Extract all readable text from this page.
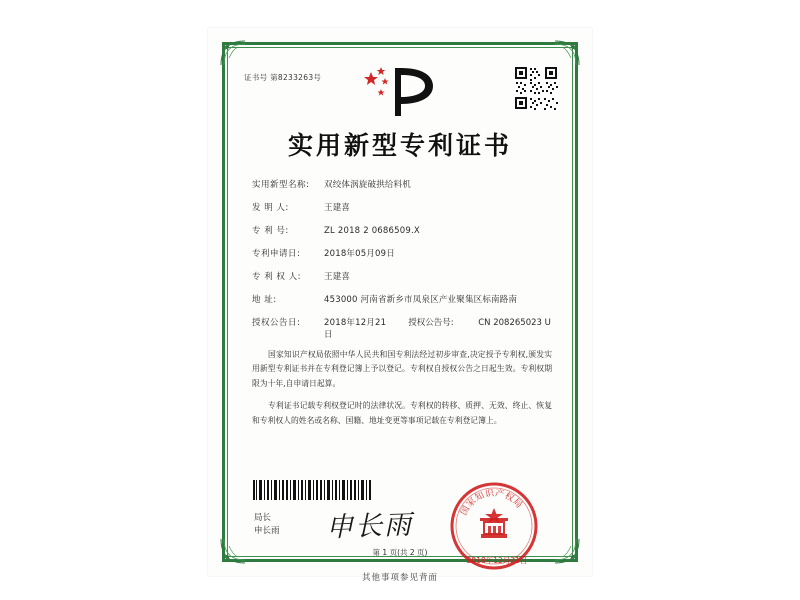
证书号 第8233263号
实用新型专利证书
实用新型名称:	双绞体涡旋破拱给料机
发 明 人:	王建喜
专 利 号:	ZL 2018 2 0686509.X
专利申请日:	2018年05月09日
专 利 权 人:	王建喜
地 址:	453000 河南省新乡市凤泉区产业聚集区标南路南
授权公告日:	2018年12月21日
授权公告号:	CN 208265023 U

国家知识产权局依照中华人民共和国专利法经过初步审查,决定授予专利权,颁发实用新型专利证书并在专利登记簿上予以登记。专利权自授权公告之日起生效。专利权期限为十年,自申请日起算。

专利证书记载专利权登记时的法律状况。专利权的转移、质押、无效、终止、恢复和专利权人的姓名或名称、国籍、地址变更等事项记载在专利登记簿上。

局长
申长雨 申长雨	国
家
知
识 产
权
局
2018年12月21日
第 1 页(共 2 页)
其他事项参见背面
